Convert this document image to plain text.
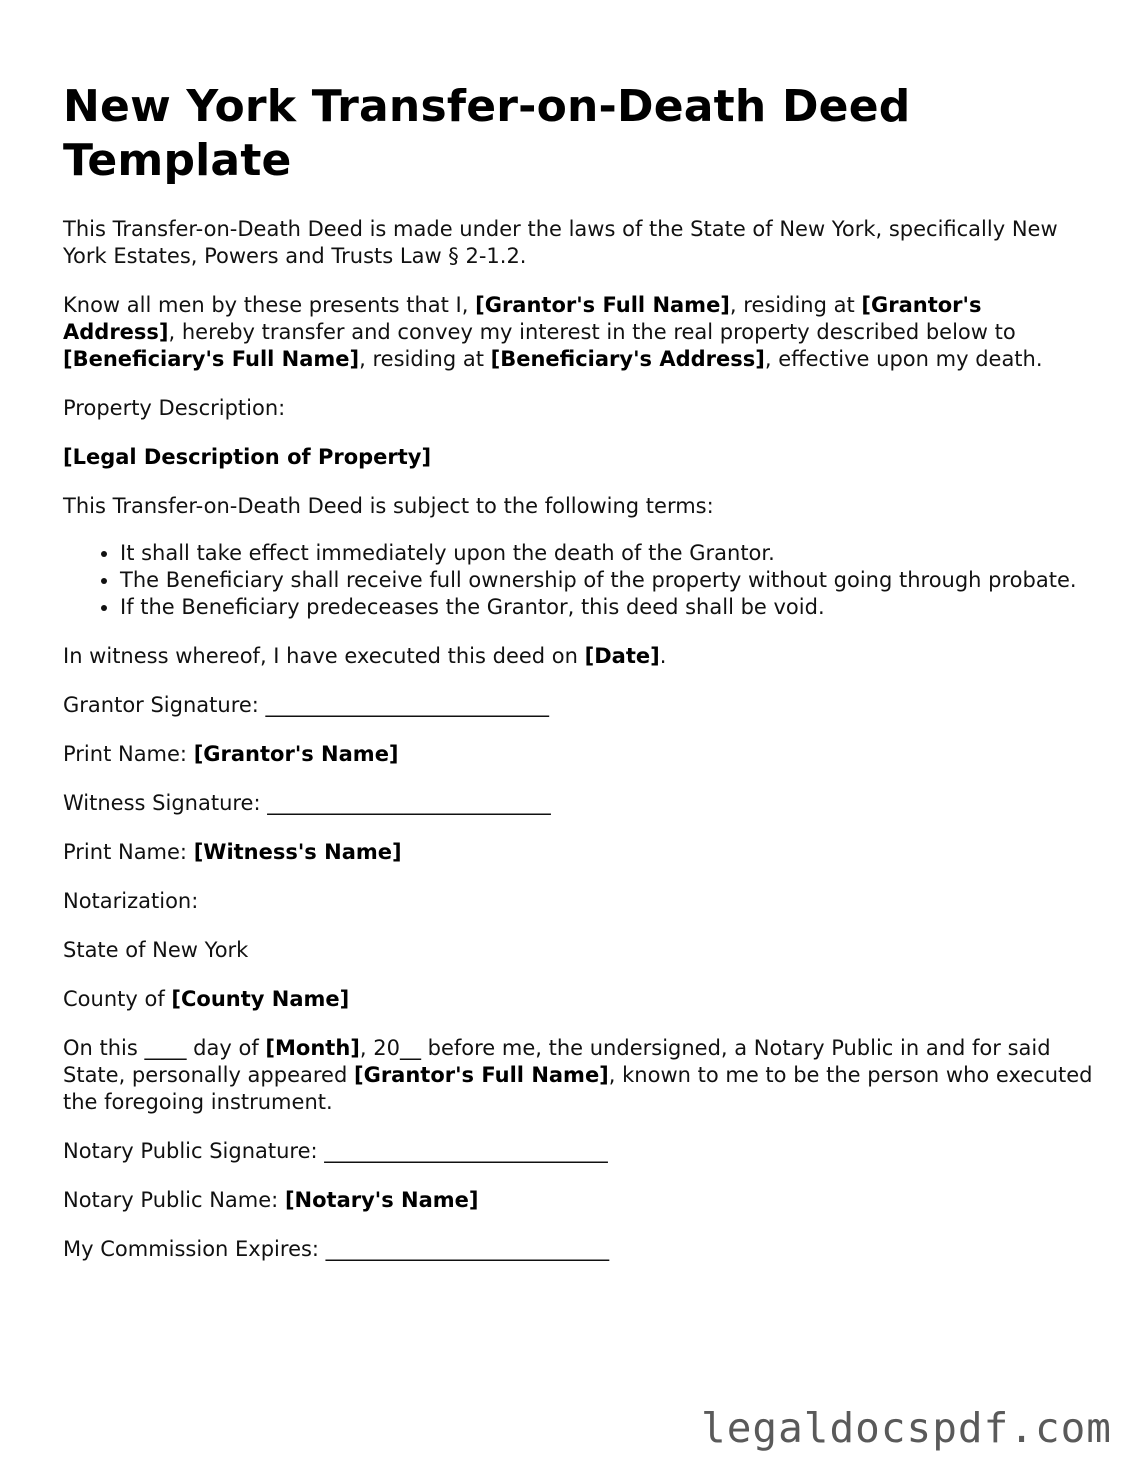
New York Transfer-on-Death Deed Template

This Transfer-on-Death Deed is made under the laws of the State of New York, specifically New York Estates, Powers and Trusts Law § 2-1.2.

Know all men by these presents that I, [Grantor's Full Name], residing at [Grantor's Address], hereby transfer and convey my interest in the real property described below to [Beneficiary's Full Name], residing at [Beneficiary's Address], effective upon my death.

Property Description:

[Legal Description of Property]

This Transfer-on-Death Deed is subject to the following terms:

• It shall take effect immediately upon the death of the Grantor.
• The Beneficiary shall receive full ownership of the property without going through probate.
• If the Beneficiary predeceases the Grantor, this deed shall be void.

In witness whereof, I have executed this deed on [Date].

Grantor Signature: ___________________________

Print Name: [Grantor's Name]

Witness Signature: ___________________________

Print Name: [Witness's Name]

Notarization:

State of New York

County of [County Name]

On this ____ day of [Month], 20__ before me, the undersigned, a Notary Public in and for said State, personally appeared [Grantor's Full Name], known to me to be the person who executed the foregoing instrument.

Notary Public Signature: ___________________________

Notary Public Name: [Notary's Name]

My Commission Expires: ___________________________

legaldocspdf.com
